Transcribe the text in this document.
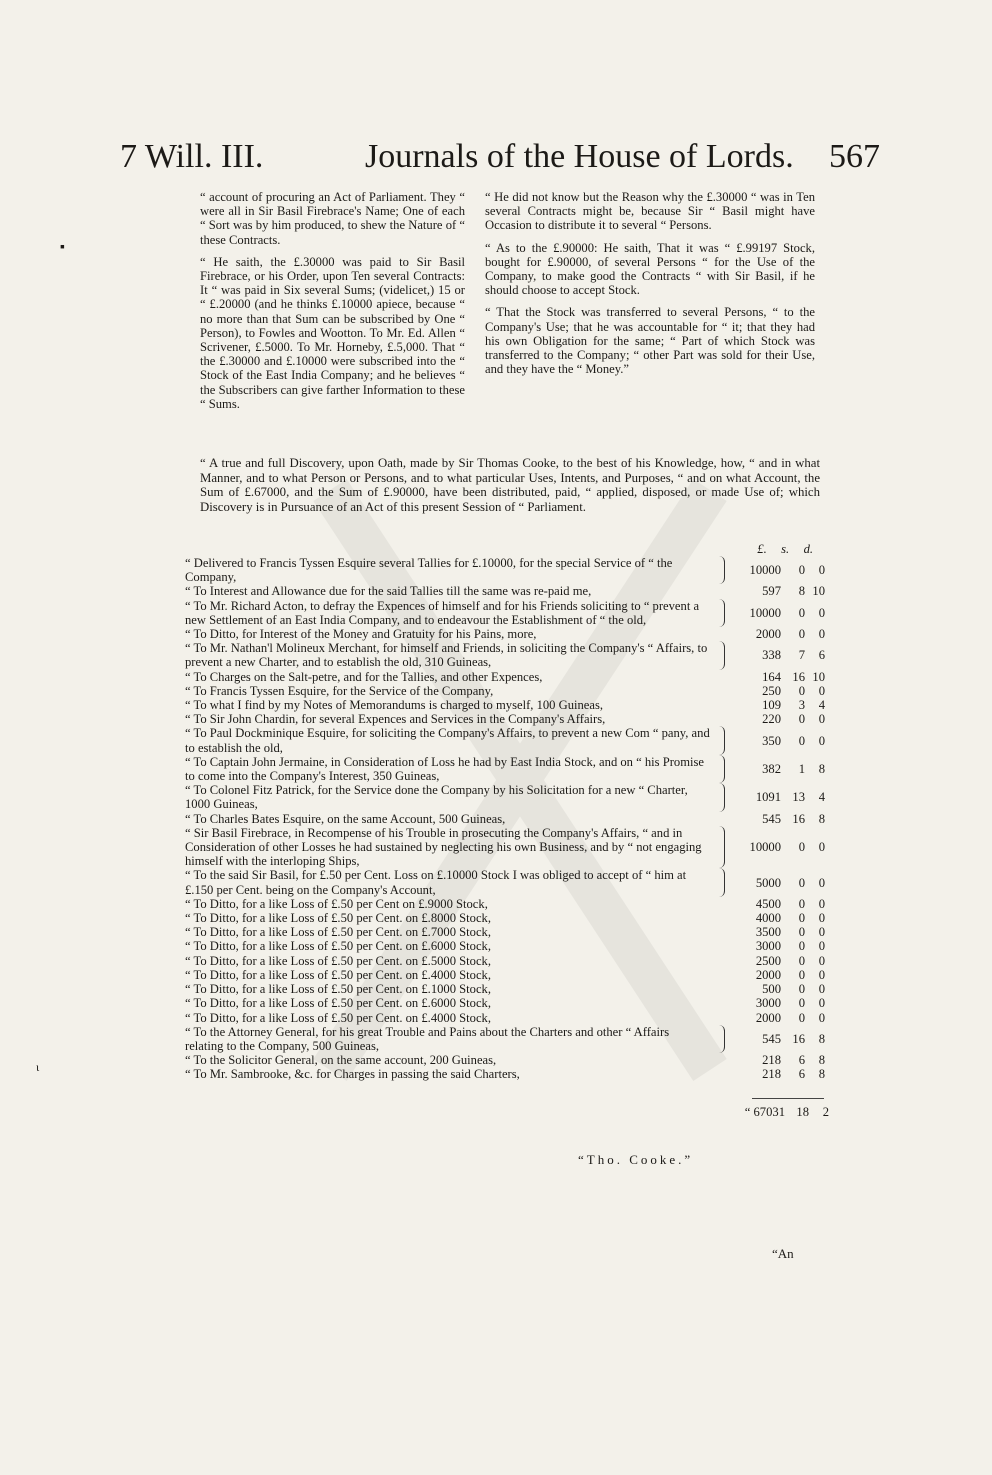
7 Will. III.	Journals of the House of Lords. 567

“ account of procuring an Act of Parliament. They “ were all in Sir Basil Firebrace's Name; One of each “ Sort was by him produced, to shew the Nature of “ these Contracts.

“ He saith, the £.30000 was paid to Sir Basil Firebrace, or his Order, upon Ten several Contracts: It “ was paid in Six several Sums; (videlicet,) 15 or “ £.20000 (and he thinks £.10000 apiece, because “ no more than that Sum can be subscribed by One “ Person), to Fowles and Wootton. To Mr. Ed. Allen “ Scrivener, £.5000. To Mr. Horneby, £.5,000. That “ the £.30000 and £.10000 were subscribed into the “ Stock of the East India Company; and he believes “ the Subscribers can give farther Information to these “ Sums.

“ He did not know but the Reason why the £.30000 “ was in Ten several Contracts might be, because Sir “ Basil might have Occasion to distribute it to several “ Persons.

“ As to the £.90000: He saith, That it was “ £.99197 Stock, bought for £.90000, of several Persons “ for the Use of the Company, to make good the Contracts “ with Sir Basil, if he should choose to accept Stock.

“ That the Stock was transferred to several Persons, “ to the Company's Use; that he was accountable for “ it; that they had his own Obligation for the same; “ Part of which Stock was transferred to the Company; “ other Part was sold for their Use, and they have the “ Money.”

“ A true and full Discovery, upon Oath, made by Sir Thomas Cooke, to the best of his Knowledge, how, “ and in what Manner, and to what Person or Persons, and to what particular Uses, Intents, and Purposes, “ and on what Account, the Sum of £.67000, and the Sum of £.90000, have been distributed, paid, “ applied, disposed, or made Use of; which Discovery is in Pursuance of an Act of this present Session of “ Parliament.
£. s. d.
“ Delivered to Francis Tyssen Esquire several Tallies for £.10000, for the special Service of “ the Company,
10000	0	0
“ To Interest and Allowance due for the said Tallies till the same was re-paid me,	597	8 10
“ To Mr. Richard Acton, to defray the Expences of himself and for his Friends soliciting to “ prevent a new Settlement of an East India Company, and to endeavour the Establishment of “ the old,
10000	0	0
“ To Ditto, for Interest of the Money and Gratuity for his Pains, more,	2000	0	0
“ To Mr. Nathan'l Molineux Merchant, for himself and Friends, in soliciting the Company's “ Affairs, to prevent a new Charter, and to establish the old, 310 Guineas,
338	7	6
“ To Charges on the Salt-petre, and for the Tallies, and other Expences,	164 16 10
“ To Francis Tyssen Esquire, for the Service of the Company,	250	0	0
“ To what I find by my Notes of Memorandums is charged to myself, 100 Guineas,	109	3	4
“ To Sir John Chardin, for several Expences and Services in the Company's Affairs,	220	0	0
“ To Paul Dockminique Esquire, for soliciting the Company's Affairs, to prevent a new Com “ pany, and to establish the old,
350	0	0
“ To Captain John Jermaine, in Consideration of Loss he had by East India Stock, and on “ his Promise to come into the Company's Interest, 350 Guineas,
382	1	8
“ To Colonel Fitz Patrick, for the Service done the Company by his Solicitation for a new “ Charter, 1000 Guineas,
1091 13	4
“ To Charles Bates Esquire, on the same Account, 500 Guineas,	545 16	8
“ Sir Basil Firebrace, in Recompense of his Trouble in prosecuting the Company's Affairs, “ and in Consideration of other Losses he had sustained by neglecting his own Business, and by “ not engaging himself with the interloping Ships,
10000	0	0
“ To the said Sir Basil, for £.50 per Cent. Loss on £.10000 Stock I was obliged to accept of “ him at £.150 per Cent. being on the Company's Account,
5000	0	0
“ To Ditto, for a like Loss of £.50 per Cent on £.9000 Stock,	4500	0	0
“ To Ditto, for a like Loss of £.50 per Cent. on £.8000 Stock,	4000	0	0
“ To Ditto, for a like Loss of £.50 per Cent. on £.7000 Stock,	3500	0	0
“ To Ditto, for a like Loss of £.50 per Cent. on £.6000 Stock,	3000	0	0
“ To Ditto, for a like Loss of £.50 per Cent. on £.5000 Stock,	2500	0	0
“ To Ditto, for a like Loss of £.50 per Cent. on £.4000 Stock,	2000	0	0
“ To Ditto, for a like Loss of £.50 per Cent. on £.1000 Stock,	500	0	0
“ To Ditto, for a like Loss of £.50 per Cent. on £.6000 Stock,	3000	0	0
“ To Ditto, for a like Loss of £.50 per Cent. on £.4000 Stock,	2000	0	0
“ To the Attorney General, for his great Trouble and Pains about the Charters and other “ Affairs relating to the Company, 500 Guineas,
545 16	8
“ To the Solicitor General, on the same account, 200 Guineas,	218	6	8
“ To Mr. Sambrooke, &c. for Charges in passing the said Charters,	218	6	8
“ 67031 18	2
“Tho. Cooke.”
“An
▪
ι
